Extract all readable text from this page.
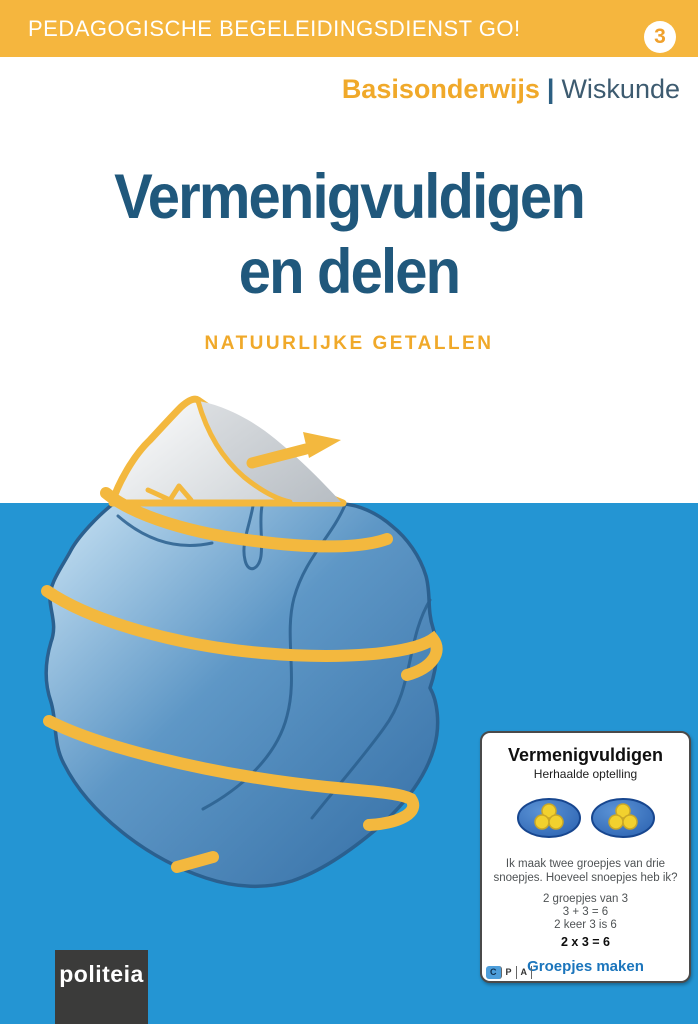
PEDAGOGISCHE BEGELEIDINGSDIENST GO!	3
Basisonderwijs | Wiskunde
Vermenigvuldigen
en delen
NATUURLIJKE GETALLEN
Vermenigvuldigen
Herhaalde optelling
Ik maak twee groepjes van drie snoepjes. Hoeveel snoepjes heb ik?
2 groepjes van 3
3 + 3 = 6
2 keer 3 is 6
2 x 3 = 6
Groepjes maken
C	P	A
politeia
